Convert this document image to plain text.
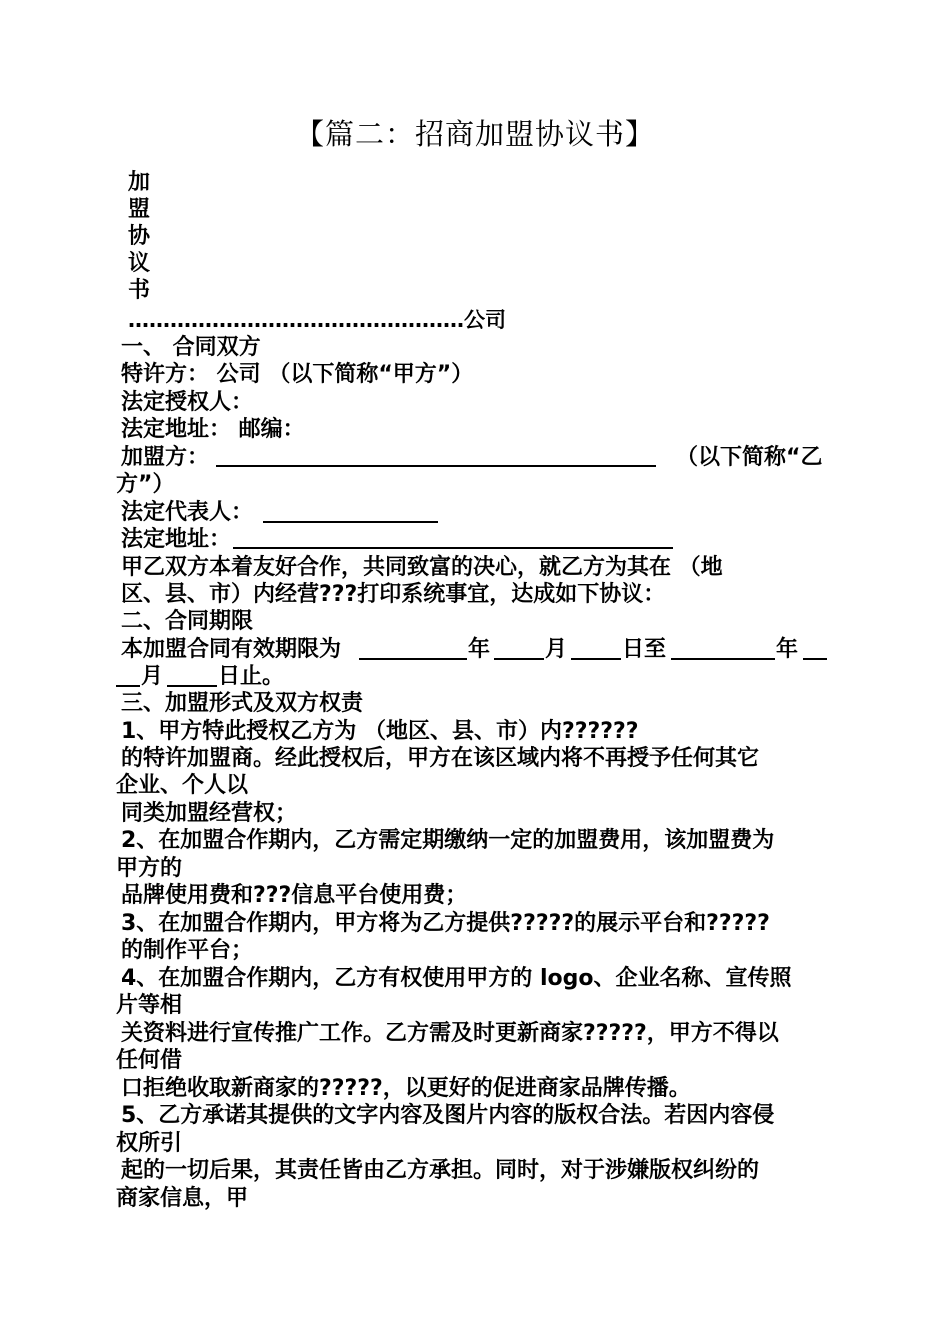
【篇二：招商加盟协议书】
加
盟
协
议
书
…………………………………………公司
一、 合同双方
特许方： 公司 （以下简称“甲方”）
法定授权人：
法定地址： 邮编：
加盟方：	（以下简称“乙
方”）
法定代表人：
法定地址：
甲乙双方本着友好合作，共同致富的决心，就乙方为其在 （地
区、县、市）内经营???打印系统事宜，达成如下协议：
二、合同期限
本加盟合同有效期限为	年 月 日至	年
月 日止。
三、加盟形式及双方权责
1、甲方特此授权乙方为 （地区、县、市）内??????
的特许加盟商。经此授权后，甲方在该区域内将不再授予任何其它
企业、个人以
同类加盟经营权；
2、在加盟合作期内，乙方需定期缴纳一定的加盟费用，该加盟费为
甲方的
品牌使用费和???信息平台使用费；
3、在加盟合作期内，甲方将为乙方提供?????的展示平台和?????
的制作平台；
4、在加盟合作期内，乙方有权使用甲方的 logo、企业名称、宣传照
片等相
关资料进行宣传推广工作。乙方需及时更新商家?????，甲方不得以
任何借
口拒绝收取新商家的?????，以更好的促进商家品牌传播。
5、乙方承诺其提供的文字内容及图片内容的版权合法。若因内容侵
权所引
起的一切后果，其责任皆由乙方承担。同时，对于涉嫌版权纠纷的
商家信息，甲
